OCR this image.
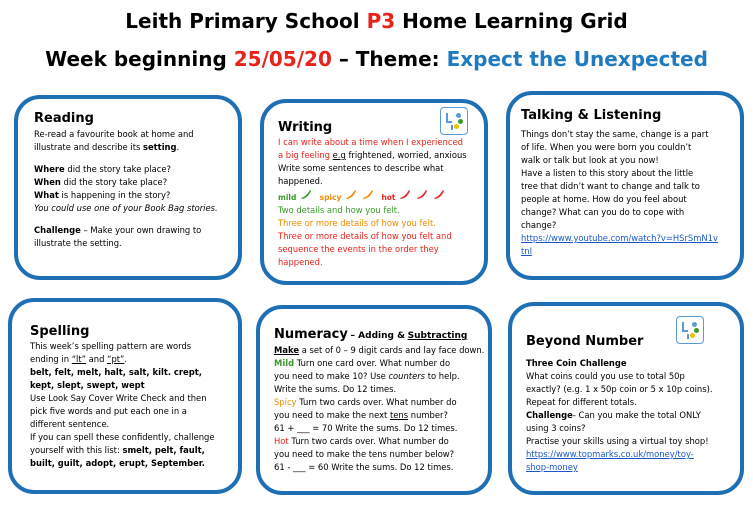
Leith Primary School P3 Home Learning Grid
Week beginning 25/05/20 – Theme: Expect the Unexpected
Reading

Re-read a favourite book at home and

illustrate and describe its setting.

Where did the story take place?

When did the story take place?

What is happening in the story?

You could use one of your Book Bag stories.

Challenge – Make your own drawing to

illustrate the setting.

Writing

I can write about a time when I experienced

a big feeling e.g frightened, worried, anxious

Write some sentences to describe what

happened.

mild	spicy	hot

Two details and how you felt.

Three or more details of how you felt.

Three or more details of how you felt and

sequence the events in the order they

happened.

Talking & Listening

Things don’t stay the same, change is a part

of life. When you were born you couldn’t

walk or talk but look at you now!

Have a listen to this story about the little

tree that didn’t want to change and talk to

people at home. How do you feel about

change? What can you do to cope with

change?

https://www.youtube.com/watch?v=HSrSmN1v

tnI

Spelling

This week’s spelling pattern are words

ending in “lt” and “pt”.

belt, felt, melt, halt, salt, kilt. crept,

kept, slept, swept, wept

Use Look Say Cover Write Check and then

pick five words and put each one in a

different sentence.

If you can spell these confidently, challenge

yourself with this list: smelt, pelt, fault,

built, guilt, adopt, erupt, September.

Numeracy – Adding & Subtracting

Make a set of 0 – 9 digit cards and lay face down.

Mild Turn one card over. What number do

you need to make 10? Use counters to help.

Write the sums. Do 12 times.

Spicy Turn two cards over. What number do

you need to make the next tens number?

61 + ___ = 70 Write the sums. Do 12 times.

Hot Turn two cards over. What number do

you need to make the tens number below?

61 - ___ = 60 Write the sums. Do 12 times.

Beyond Number

Three Coin Challenge

What coins could you use to total 50p

exactly? (e.g. 1 x 50p coin or 5 x 10p coins).

Repeat for different totals.

Challenge- Can you make the total ONLY

using 3 coins?

Practise your skills using a virtual toy shop!

https://www.topmarks.co.uk/money/toy-

shop-money
